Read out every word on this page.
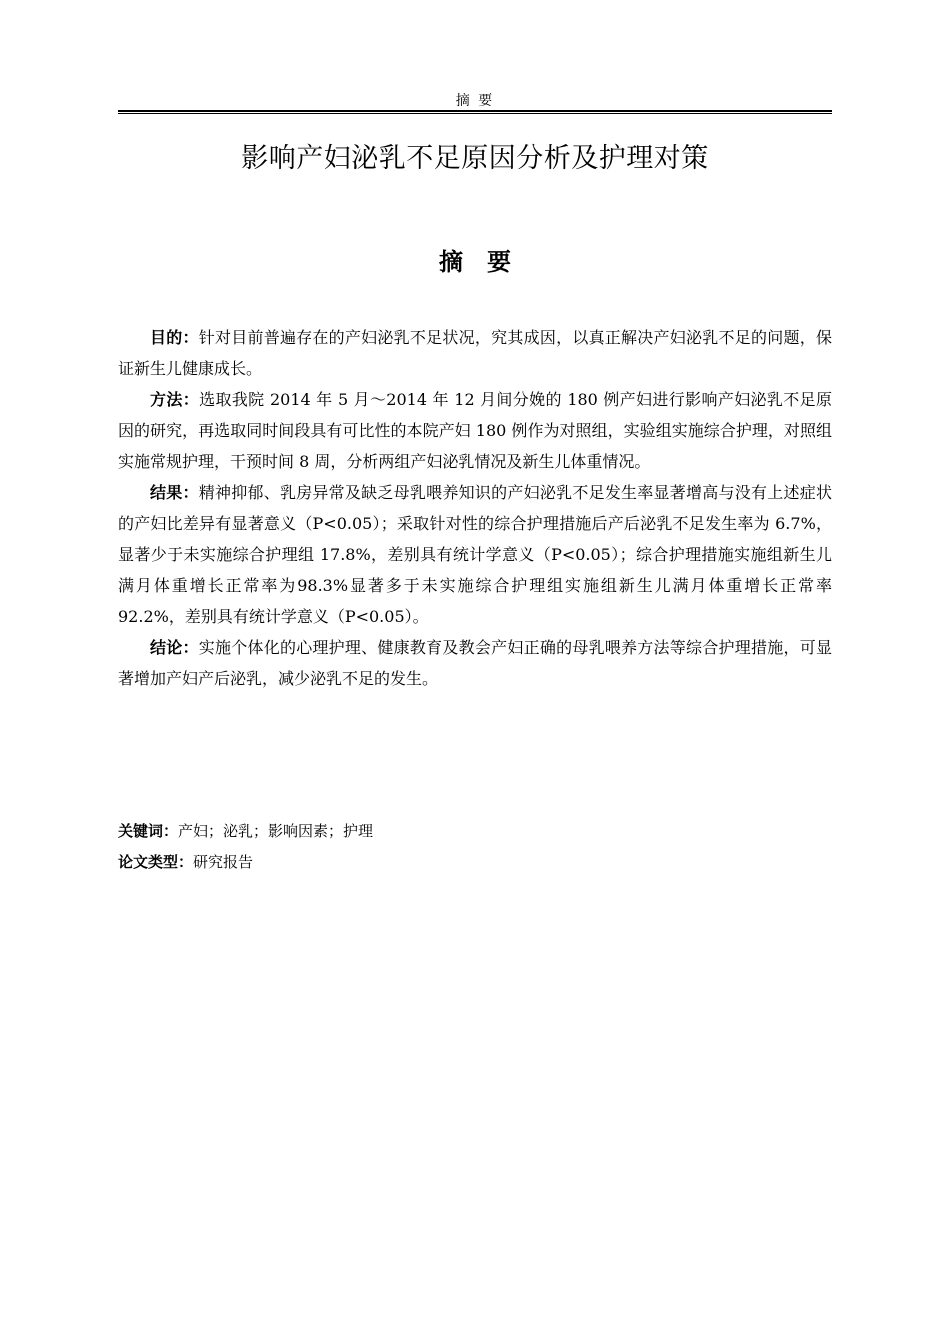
摘 要
影响产妇泌乳不足原因分析及护理对策
摘　要

目的：针对目前普遍存在的产妇泌乳不足状况，究其成因，以真正解决产妇泌乳不足的问题，保证新生儿健康成长。

方法：选取我院 2014 年 5 月～2014 年 12 月间分娩的 180 例产妇进行影响产妇泌乳不足原因的研究，再选取同时间段具有可比性的本院产妇 180 例作为对照组，实验组实施综合护理，对照组实施常规护理，干预时间 8 周，分析两组产妇泌乳情况及新生儿体重情况。

结果：精神抑郁、乳房异常及缺乏母乳喂养知识的产妇泌乳不足发生率显著增高与没有上述症状的产妇比差异有显著意义（P<0.05）；采取针对性的综合护理措施后产后泌乳不足发生率为 6.7%，显著少于未实施综合护理组 17.8%，差别具有统计学意义（P<0.05）；综合护理措施实施组新生儿满月体重增长正常率为98.3%显著多于未实施综合护理组实施组新生儿满月体重增长正常率 92.2%，差别具有统计学意义（P<0.05）。

结论：实施个体化的心理护理、健康教育及教会产妇正确的母乳喂养方法等综合护理措施，可显著增加产妇产后泌乳，减少泌乳不足的发生。

关键词：产妇；泌乳；影响因素；护理
论文类型：研究报告
